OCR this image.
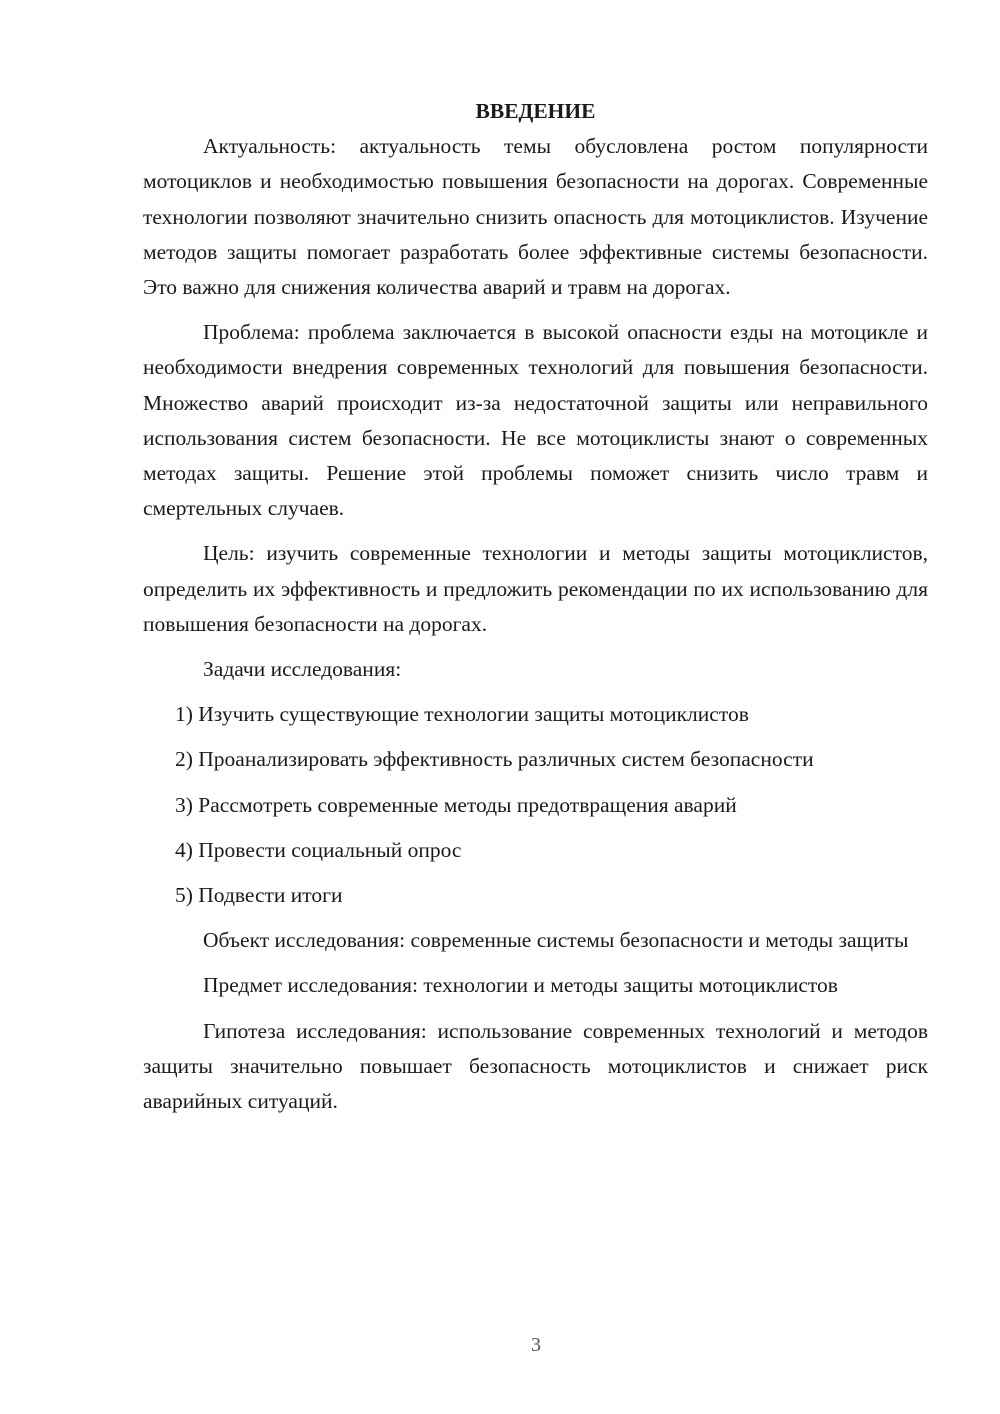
ВВЕДЕНИЕ

Актуальность: актуальность темы обусловлена ростом популярности мотоциклов и необходимостью повышения безопасности на дорогах. Современные технологии позволяют значительно снизить опасность для мотоциклистов. Изучение методов защиты помогает разработать более эффективные системы безопасности. Это важно для снижения количества аварий и травм на дорогах.

Проблема: проблема заключается в высокой опасности езды на мотоцикле и необходимости внедрения современных технологий для повышения безопасности. Множество аварий происходит из-за недостаточной защиты или неправильного использования систем безопасности. Не все мотоциклисты знают о современных методах защиты. Решение этой проблемы поможет снизить число травм и смертельных случаев.

Цель: изучить современные технологии и методы защиты мотоциклистов, определить их эффективность и предложить рекомендации по их использованию для повышения безопасности на дорогах.

Задачи исследования:

1) Изучить существующие технологии защиты мотоциклистов
2) Проанализировать эффективность различных систем безопасности
3) Рассмотреть современные методы предотвращения аварий
4) Провести социальный опрос
5) Подвести итоги

Объект исследования: современные системы безопасности и методы защиты

Предмет исследования: технологии и методы защиты мотоциклистов

Гипотеза исследования: использование современных технологий и методов защиты значительно повышает безопасность мотоциклистов и снижает риск аварийных ситуаций.

3
